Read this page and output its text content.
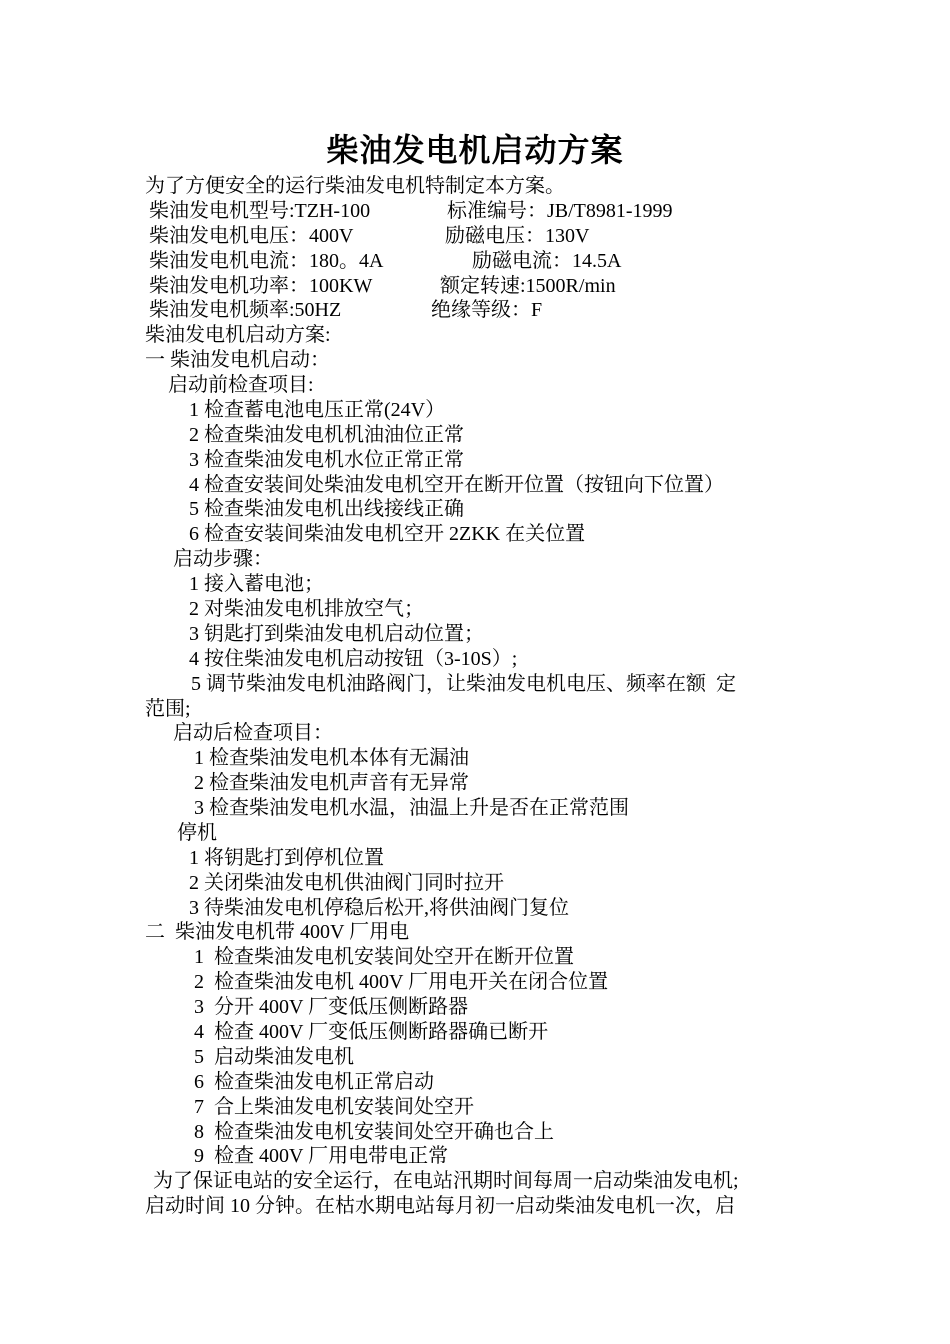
柴油发电机启动方案
为了方便安全的运行柴油发电机特制定本方案。
柴油发电机型号:TZH-100	标准编号：JB/T8981-1999
柴油发电机电压：400V	励磁电压：130V
柴油发电机电流：180。4A	励磁电流：14.5A
柴油发电机功率：100KW	额定转速:1500R/min
柴油发电机频率:50HZ	绝缘等级：F
柴油发电机启动方案:
一 柴油发电机启动：
启动前检查项目:
1 检查蓄电池电压正常(24V）
2 检查柴油发电机机油油位正常
3 检查柴油发电机水位正常正常
4 检查安装间处柴油发电机空开在断开位置（按钮向下位置）
5 检查柴油发电机出线接线正确
6 检查安装间柴油发电机空开 2ZKK 在关位置
启动步骤：
1 接入蓄电池；
2 对柴油发电机排放空气；
3 钥匙打到柴油发电机启动位置；
4 按住柴油发电机启动按钮（3-10S）;
5 调节柴油发电机油路阀门，让柴油发电机电压、频率在额  定
范围;
启动后检查项目：
1 检查柴油发电机本体有无漏油
2 检查柴油发电机声音有无异常
3 检查柴油发电机水温，油温上升是否在正常范围
停机
1 将钥匙打到停机位置
2 关闭柴油发电机供油阀门同时拉开
3 待柴油发电机停稳后松开,将供油阀门复位
二  柴油发电机带 400V 厂用电
1  检查柴油发电机安装间处空开在断开位置
2  检查柴油发电机 400V 厂用电开关在闭合位置
3  分开 400V 厂变低压侧断路器
4  检查 400V 厂变低压侧断路器确已断开
5  启动柴油发电机
6  检查柴油发电机正常启动
7  合上柴油发电机安装间处空开
8  检查柴油发电机安装间处空开确也合上
9  检查 400V 厂用电带电正常
为了保证电站的安全运行，在电站汛期时间每周一启动柴油发电机;
启动时间 10 分钟。在枯水期电站每月初一启动柴油发电机一次，启
